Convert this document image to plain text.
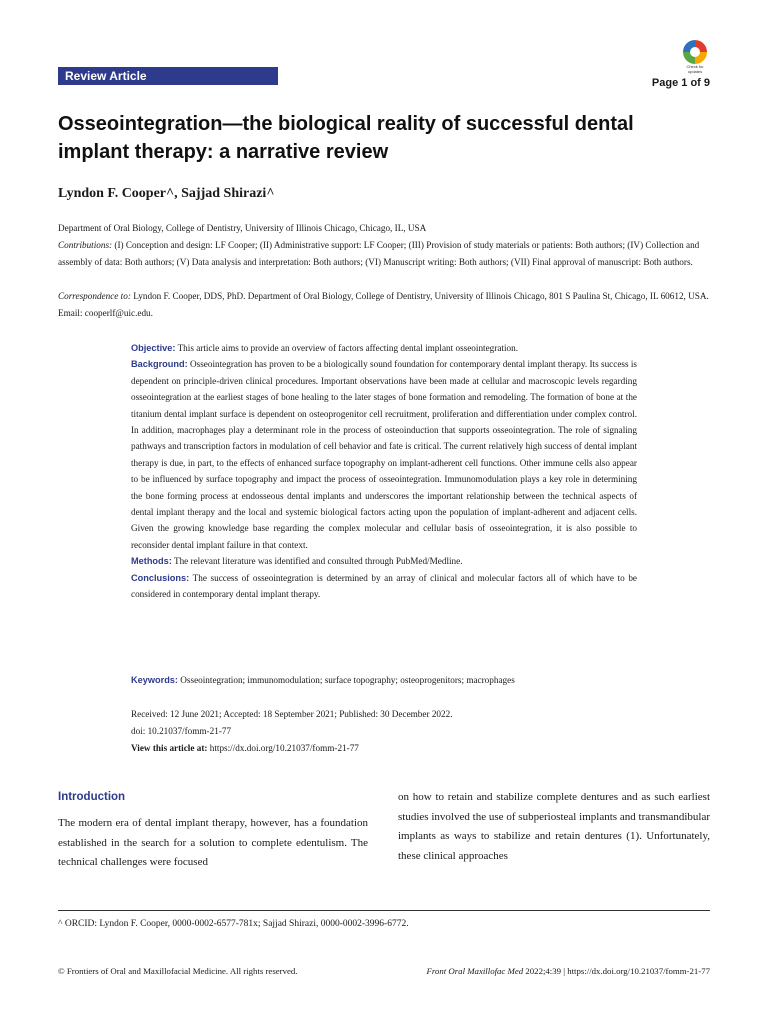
Review Article
Check for updates
Page 1 of 9
Osseointegration—the biological reality of successful dental implant therapy: a narrative review
Lyndon F. Cooper^, Sajjad Shirazi^
Department of Oral Biology, College of Dentistry, University of Illinois Chicago, Chicago, IL, USA
Contributions: (I) Conception and design: LF Cooper; (II) Administrative support: LF Cooper; (III) Provision of study materials or patients: Both authors; (IV) Collection and assembly of data: Both authors; (V) Data analysis and interpretation: Both authors; (VI) Manuscript writing: Both authors; (VII) Final approval of manuscript: Both authors.
Correspondence to: Lyndon F. Cooper, DDS, PhD. Department of Oral Biology, College of Dentistry, University of Illinois Chicago, 801 S Paulina St, Chicago, IL 60612, USA. Email: cooperlf@uic.edu.

Objective: This article aims to provide an overview of factors affecting dental implant osseointegration.

Background: Osseointegration has proven to be a biologically sound foundation for contemporary dental implant therapy. Its success is dependent on principle-driven clinical procedures. Important observations have been made at cellular and macroscopic levels regarding osseointegration at the earliest stages of bone healing to the later stages of bone formation and remodeling. The formation of bone at the titanium dental implant surface is dependent on osteoprogenitor cell recruitment, proliferation and differentiation under complex control. In addition, macrophages play a determinant role in the process of osteoinduction that supports osseointegration. The role of signaling pathways and transcription factors in modulation of cell behavior and fate is critical. The current relatively high success of dental implant therapy is due, in part, to the effects of enhanced surface topography on implant-adherent cell functions. Other immune cells also appear to be influenced by surface topography and impact the process of osseointegration. Immunomodulation plays a key role in determining the bone forming process at endosseous dental implants and underscores the important relationship between the technical aspects of dental implant therapy and the local and systemic biological factors acting upon the population of implant-adherent and adjacent cells. Given the growing knowledge base regarding the complex molecular and cellular basis of osseointegration, it is also possible to reconsider dental implant failure in that context.

Methods: The relevant literature was identified and consulted through PubMed/Medline.

Conclusions: The success of osseointegration is determined by an array of clinical and molecular factors all of which have to be considered in contemporary dental implant therapy.

Keywords: Osseointegration; immunomodulation; surface topography; osteoprogenitors; macrophages
Received: 12 June 2021; Accepted: 18 September 2021; Published: 30 December 2022.
doi: 10.21037/fomm-21-77
View this article at: https://dx.doi.org/10.21037/fomm-21-77
Introduction
The modern era of dental implant therapy, however, has a foundation established in the search for a solution to complete edentulism. The technical challenges were focused
on how to retain and stabilize complete dentures and as such earliest studies involved the use of subperiosteal implants and transmandibular implants as ways to stabilize and retain dentures (1). Unfortunately, these clinical approaches
^ ORCID: Lyndon F. Cooper, 0000-0002-6577-781x; Sajjad Shirazi, 0000-0002-3996-6772.
© Frontiers of Oral and Maxillofacial Medicine. All rights reserved.	Front Oral Maxillofac Med 2022;4:39 | https://dx.doi.org/10.21037/fomm-21-77
